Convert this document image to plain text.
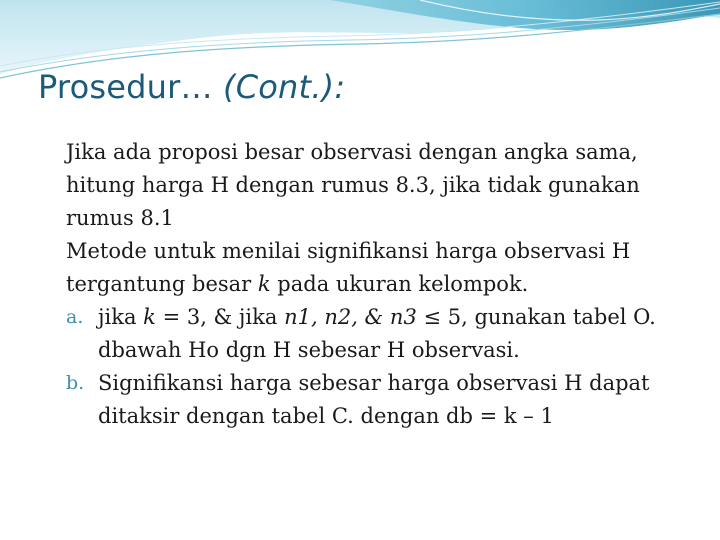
Prosedur… (Cont.):
Jika ada proposi besar observasi dengan angka sama, hitung harga H dengan rumus 8.3, jika tidak gunakan rumus 8.1
Metode untuk menilai signifikansi harga observasi H tergantung besar k pada ukuran kelompok.
a. jika k = 3, & jika n1, n2, & n3 ≤ 5, gunakan tabel O. dbawah Ho dgn H sebesar H observasi.
b. Signifikansi harga sebesar harga observasi H dapat ditaksir dengan tabel C. dengan db = k – 1
